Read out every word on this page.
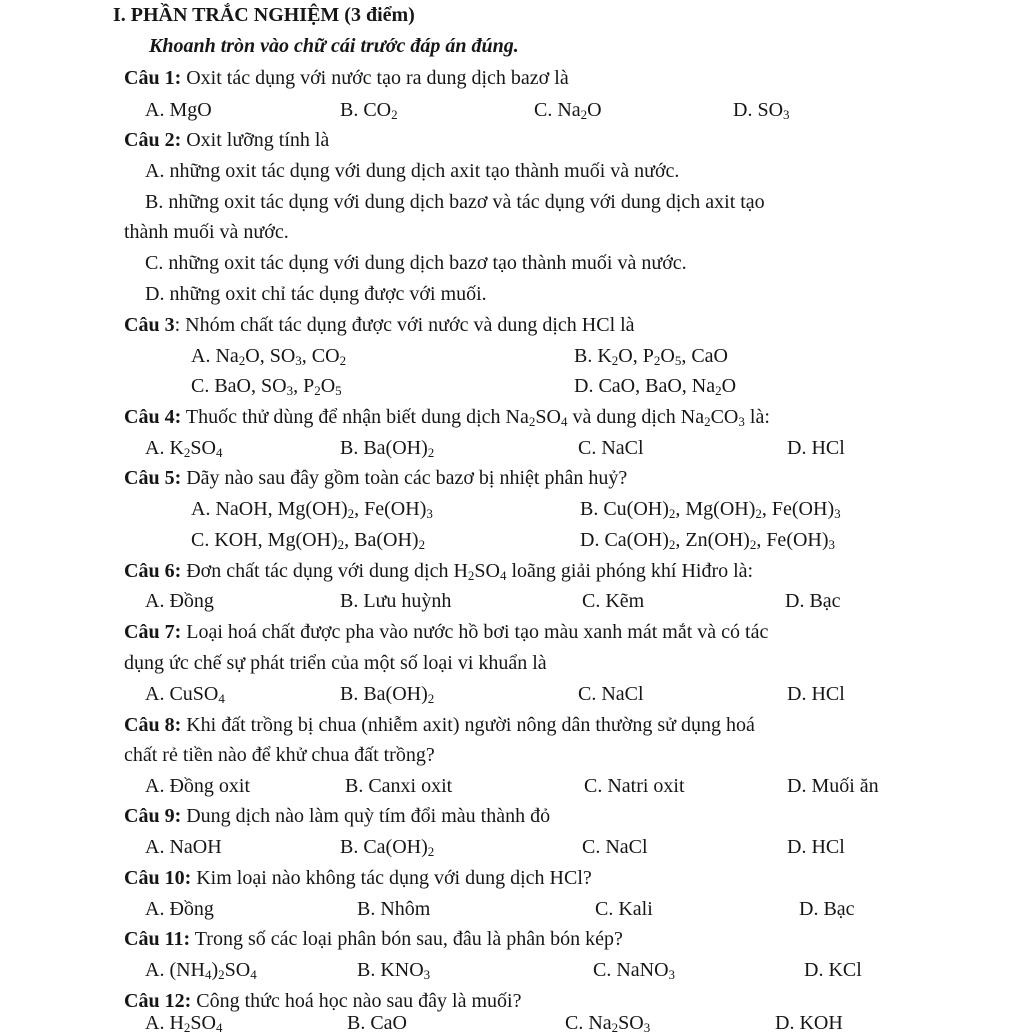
I. PHẦN TRẮC NGHIỆM (3 điểm)
Khoanh tròn vào chữ cái trước đáp án đúng.
Câu 1: Oxit tác dụng với nước tạo ra dung dịch bazơ là
A. MgO	B. $CO_2$	C. $Na_2O$	D. $SO_3$
Câu 2: Oxit lưỡng tính là
A. những oxit tác dụng với dung dịch axit tạo thành muối và nước.
B. những oxit tác dụng với dung dịch bazơ và tác dụng với dung dịch axit tạo
thành muối và nước.
C. những oxit tác dụng với dung dịch bazơ tạo thành muối và nước.
D. những oxit chỉ tác dụng được với muối.
Câu 3: Nhóm chất tác dụng được với nước và dung dịch HCl là
A. $Na_2O$, $SO_3$, $CO_2$	B. $K_2O$, $P_2O_5$, CaO
C. BaO, $SO_3$, $P_2O_5$	D. CaO, BaO, $Na_2O$
Câu 4: Thuốc thử dùng để nhận biết dung dịch $Na_2SO_4$ và dung dịch $Na_2CO_3$ là:
A. $K_2SO_4$	B. $Ba(OH)_2$	C. NaCl	D. HCl
Câu 5: Dãy nào sau đây gồm toàn các bazơ bị nhiệt phân huỷ?
A. NaOH, $Mg(OH)_2$, $Fe(OH)_3$	B. $Cu(OH)_2$, $Mg(OH)_2$, $Fe(OH)_3$
C. KOH, $Mg(OH)_2$, $Ba(OH)_2$	D. $Ca(OH)_2$, $Zn(OH)_2$, $Fe(OH)_3$
Câu 6: Đơn chất tác dụng với dung dịch $H_2SO_4$ loãng giải phóng khí Hiđro là:
A. Đồng	B. Lưu huỳnh	C. Kẽm	D. Bạc
Câu 7: Loại hoá chất được pha vào nước hồ bơi tạo màu xanh mát mắt và có tác
dụng ức chế sự phát triển của một số loại vi khuẩn là
A. CuSO$_4$	B. $Ba(OH)_2$	C. NaCl	D. HCl
Câu 8: Khi đất trồng bị chua (nhiễm axit) người nông dân thường sử dụng hoá
chất rẻ tiền nào để khử chua đất trồng?
A. Đồng oxit	B. Canxi oxit	C. Natri oxit	D. Muối ăn
Câu 9: Dung dịch nào làm quỳ tím đổi màu thành đỏ
A. NaOH	B. $Ca(OH)_2$	C. NaCl	D. HCl
Câu 10: Kim loại nào không tác dụng với dung dịch HCl?
A. Đồng	B. Nhôm	C. Kali	D. Bạc
Câu 11: Trong số các loại phân bón sau, đâu là phân bón kép?
A. $(NH_4)_2SO_4$	B. $KNO_3$	C. NaNO$_3$	D. KCl
Câu 12: Công thức hoá học nào sau đây là muối?
A. $H_2SO_4$	B. CaO	C. $Na_2SO_3$	D. KOH
